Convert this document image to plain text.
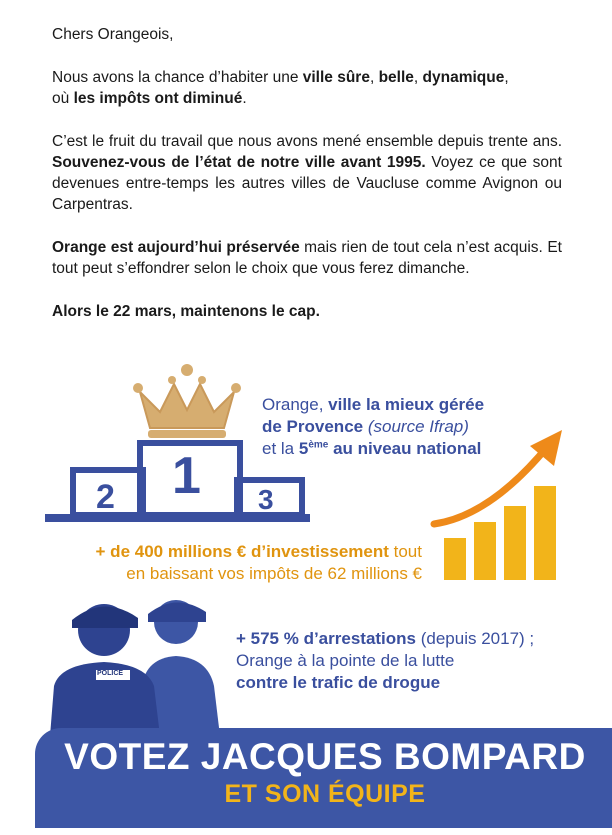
Chers Orangeois,

Nous avons la chance d’habiter une ville sûre, belle, dynamique,
où les impôts ont diminué.

C’est le fruit du travail que nous avons mené ensemble depuis trente ans. Souvenez-vous de l’état de notre ville avant 1995. Voyez ce que sont devenues entre-temps les autres villes de Vaucluse comme Avignon ou Carpentras.

Orange est aujourd’hui préservée mais rien de tout cela n’est acquis. Et tout peut s’effondrer selon le choix que vous ferez dimanche.

Alors le 22 mars, maintenons le cap.

1
2	3
Orange, ville la mieux gérée
de Provence (source Ifrap)
et la 5ème au niveau national
+ de 400 millions € d’investissement tout
en baissant vos impôts de 62 millions €
POLICE
+ 575 % d’arrestations (depuis 2017) ;
Orange à la pointe de la lutte
contre le trafic de drogue
VOTEZ JACQUES BOMPARD
ET SON ÉQUIPE
